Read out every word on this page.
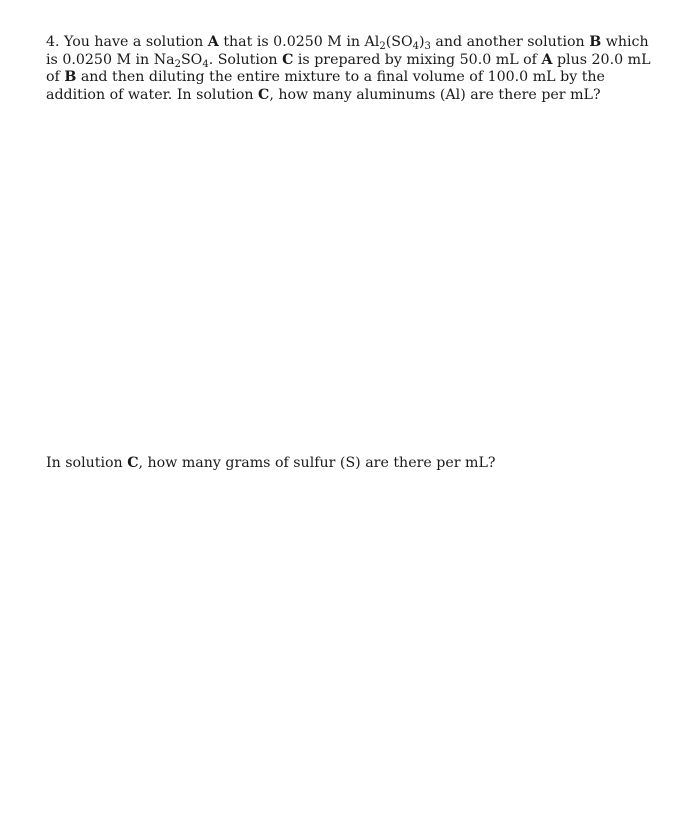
4. You have a solution A that is 0.0250 M in $Al_2(SO_4)_3$ and another solution B which is 0.0250 M in $Na_2SO_4$. Solution C is prepared by mixing 50.0 mL of A plus 20.0 mL of B and then diluting the entire mixture to a final volume of 100.0 mL by the addition of water. In solution C, how many aluminums (Al) are there per mL?

In solution C, how many grams of sulfur (S) are there per mL?
